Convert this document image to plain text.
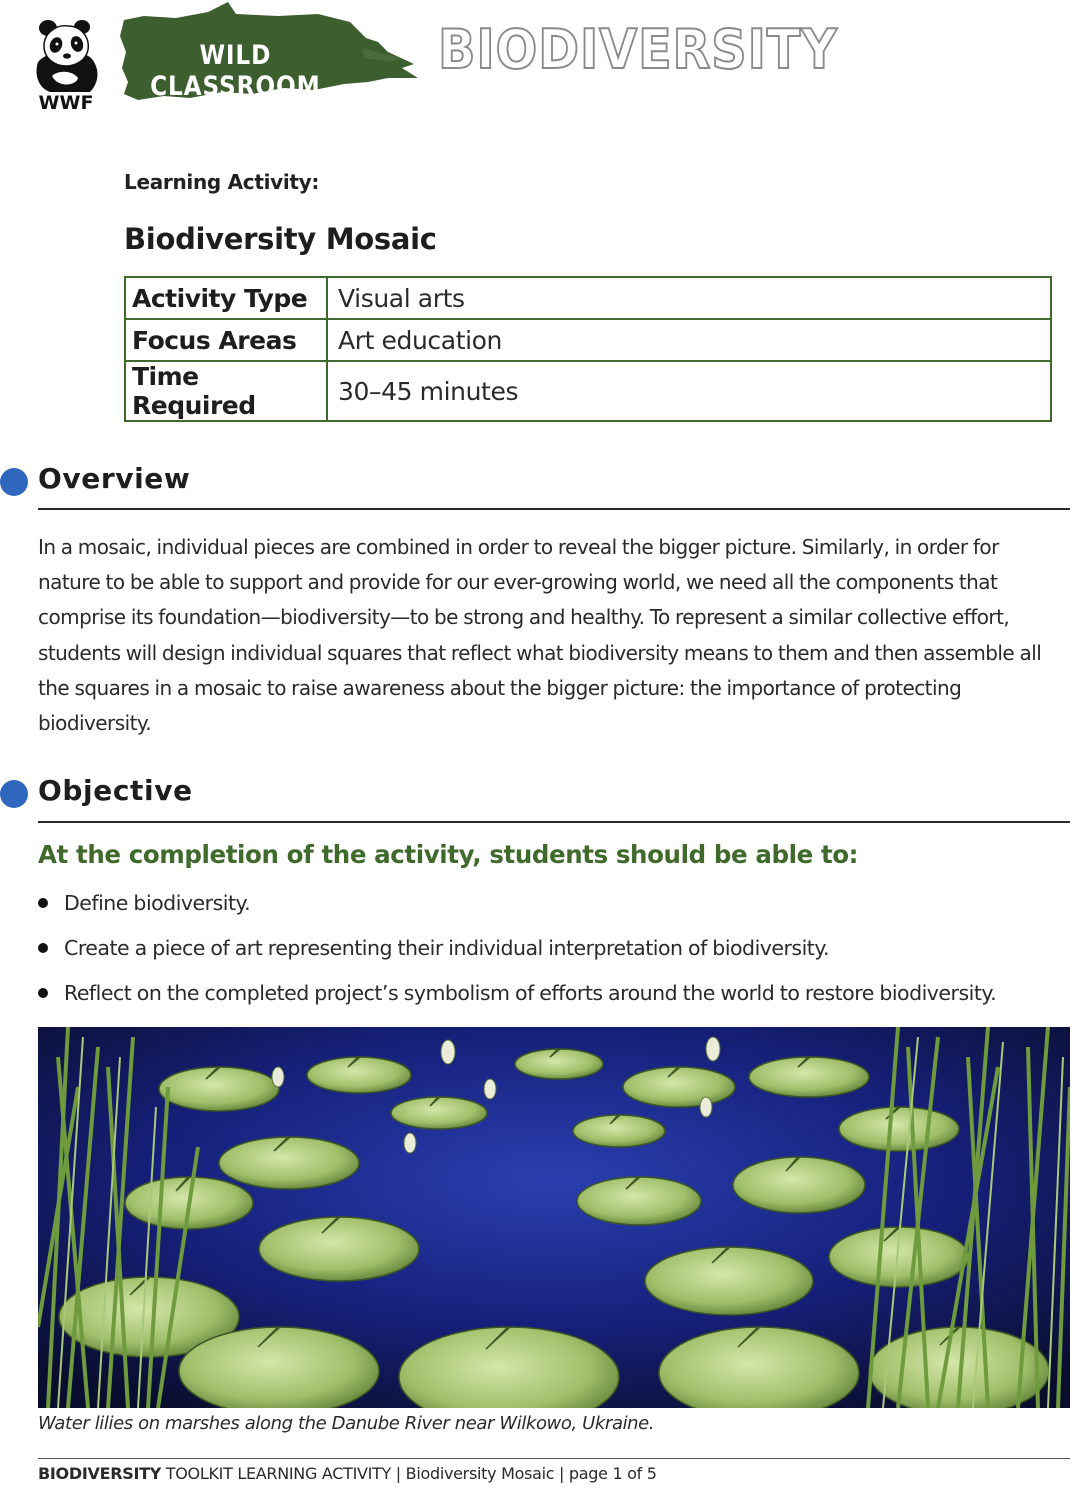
WWF
WILD CLASSROOM
BIODIVERSITY
Learning Activity:
Biodiversity Mosaic
Activity Type	Visual arts
Focus Areas	Art education
Time Required	30–45 minutes
Overview
In a mosaic, individual pieces are combined in order to reveal the bigger picture. Similarly, in order for nature to be able to support and provide for our ever-growing world, we need all the components that comprise its foundation—biodiversity—to be strong and healthy. To represent a similar collective effort, students will design individual squares that reflect what biodiversity means to them and then assemble all the squares in a mosaic to raise awareness about the bigger picture: the importance of protecting biodiversity.
Objective
At the completion of the activity, students should be able to:
Define biodiversity.
Create a piece of art representing their individual interpretation of biodiversity.
Reflect on the completed project’s symbolism of efforts around the world to restore biodiversity.
Water lilies on marshes along the Danube River near Wilkowo, Ukraine.
BIODIVERSITY TOOLKIT LEARNING ACTIVITY | Biodiversity Mosaic | page 1 of 5
